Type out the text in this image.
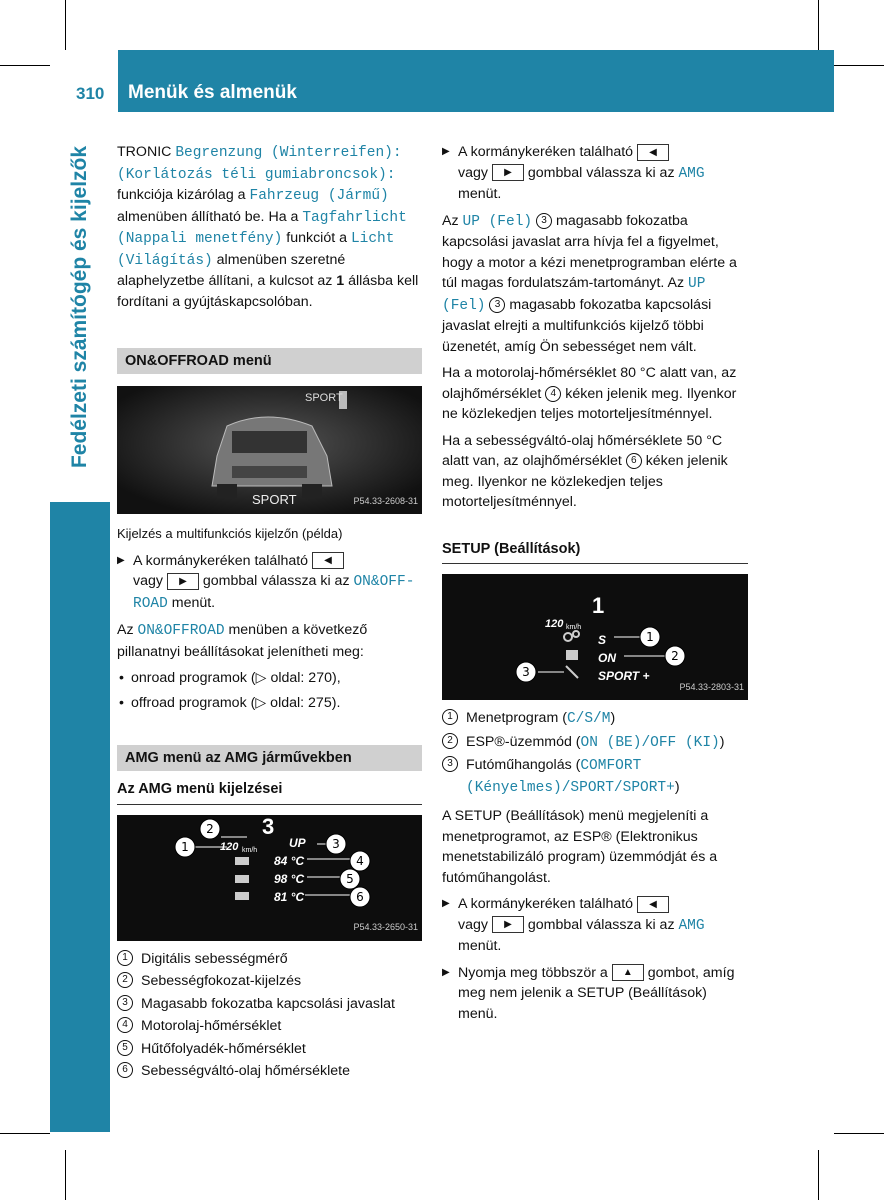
310 Menük és almenük
Fedélzeti számítógép és kijelzők TRONIC Begrenzung (Winterreifen): (Korlátozás téli gumiabroncsok): funkciója kizárólag a Fahrzeug (Jármű) almenüben állítható be. Ha a Tagfahrlicht (Nappali menetfény) funkciót a Licht (Világítás) almenüben szeretné alaphelyzetbe állítani, a kulcsot az 1 állásba kell fordítani a gyújtáskapcsolóban.

ON&OFFROAD menü
SPORT
SPORT	P54.33-2608-31

Kijelzés a multifunkciós kijelzőn (példa)

▶ A kormánykeréken található ◀
vagy ▶ gombbal válassza ki az ON&OFF-ROAD menüt.

Az ON&OFFROAD menüben a következő pillanatnyi beállításokat jelenítheti meg:

• onroad programok (▷ oldal: 270),
• offroad programok (▷ oldal: 275).
AMG menü az AMG járművekben
Az AMG menü kijelzései
1
2
3
4
5
6
120 km/h
3
UP
84 °C
98 °C
81 °C
P54.33-2650-31
1 Digitális sebességmérő
2 Sebességfokozat-kijelzés
3 Magasabb fokozatba kapcsolási javaslat
4 Motorolaj-hőmérséklet
5 Hűtőfolyadék-hőmérséklet
6 Sebességváltó-olaj hőmérséklete

▶ A kormánykeréken található ◀
vagy ▶ gombbal válassza ki az AMG menüt.

Az UP (Fel) 3 magasabb fokozatba kapcsolási javaslat arra hívja fel a figyelmet, hogy a motor a kézi menetprogramban elérte a túl magas fordulatszám-tartományt. Az UP (Fel) 3 magasabb fokozatba kapcsolási javaslat elrejti a multifunkciós kijelző többi üzenetét, amíg Ön sebességet nem vált.

Ha a motorolaj-hőmérséklet 80 °C alatt van, az olajhőmérséklet 4 kéken jelenik meg. Ilyenkor ne közlekedjen teljes motorteljesítménnyel.

Ha a sebességváltó-olaj hőmérséklete 50 °C alatt van, az olajhőmérséklet 6 kéken jelenik meg. Ilyenkor ne közlekedjen teljes motorteljesítménnyel.

SETUP (Beállítások)
1
2
3
120 km/h
1
S
ON
SPORT +
P54.33-2803-31
1 Menetprogram (C/S/M)
2 ESP®-üzemmód (ON (BE)/OFF (KI))
3 Futóműhangolás (COMFORT (Kényelmes)/SPORT/SPORT+)

A SETUP (Beállítások) menü megjeleníti a menetprogramot, az ESP® (Elektronikus menetstabilizáló program) üzemmódját és a futóműhangolást.

▶ A kormánykeréken található ◀
vagy ▶ gombbal válassza ki az AMG menüt.

▶ Nyomja meg többször a ▲ gombot, amíg meg nem jelenik a SETUP (Beállítások) menü.
